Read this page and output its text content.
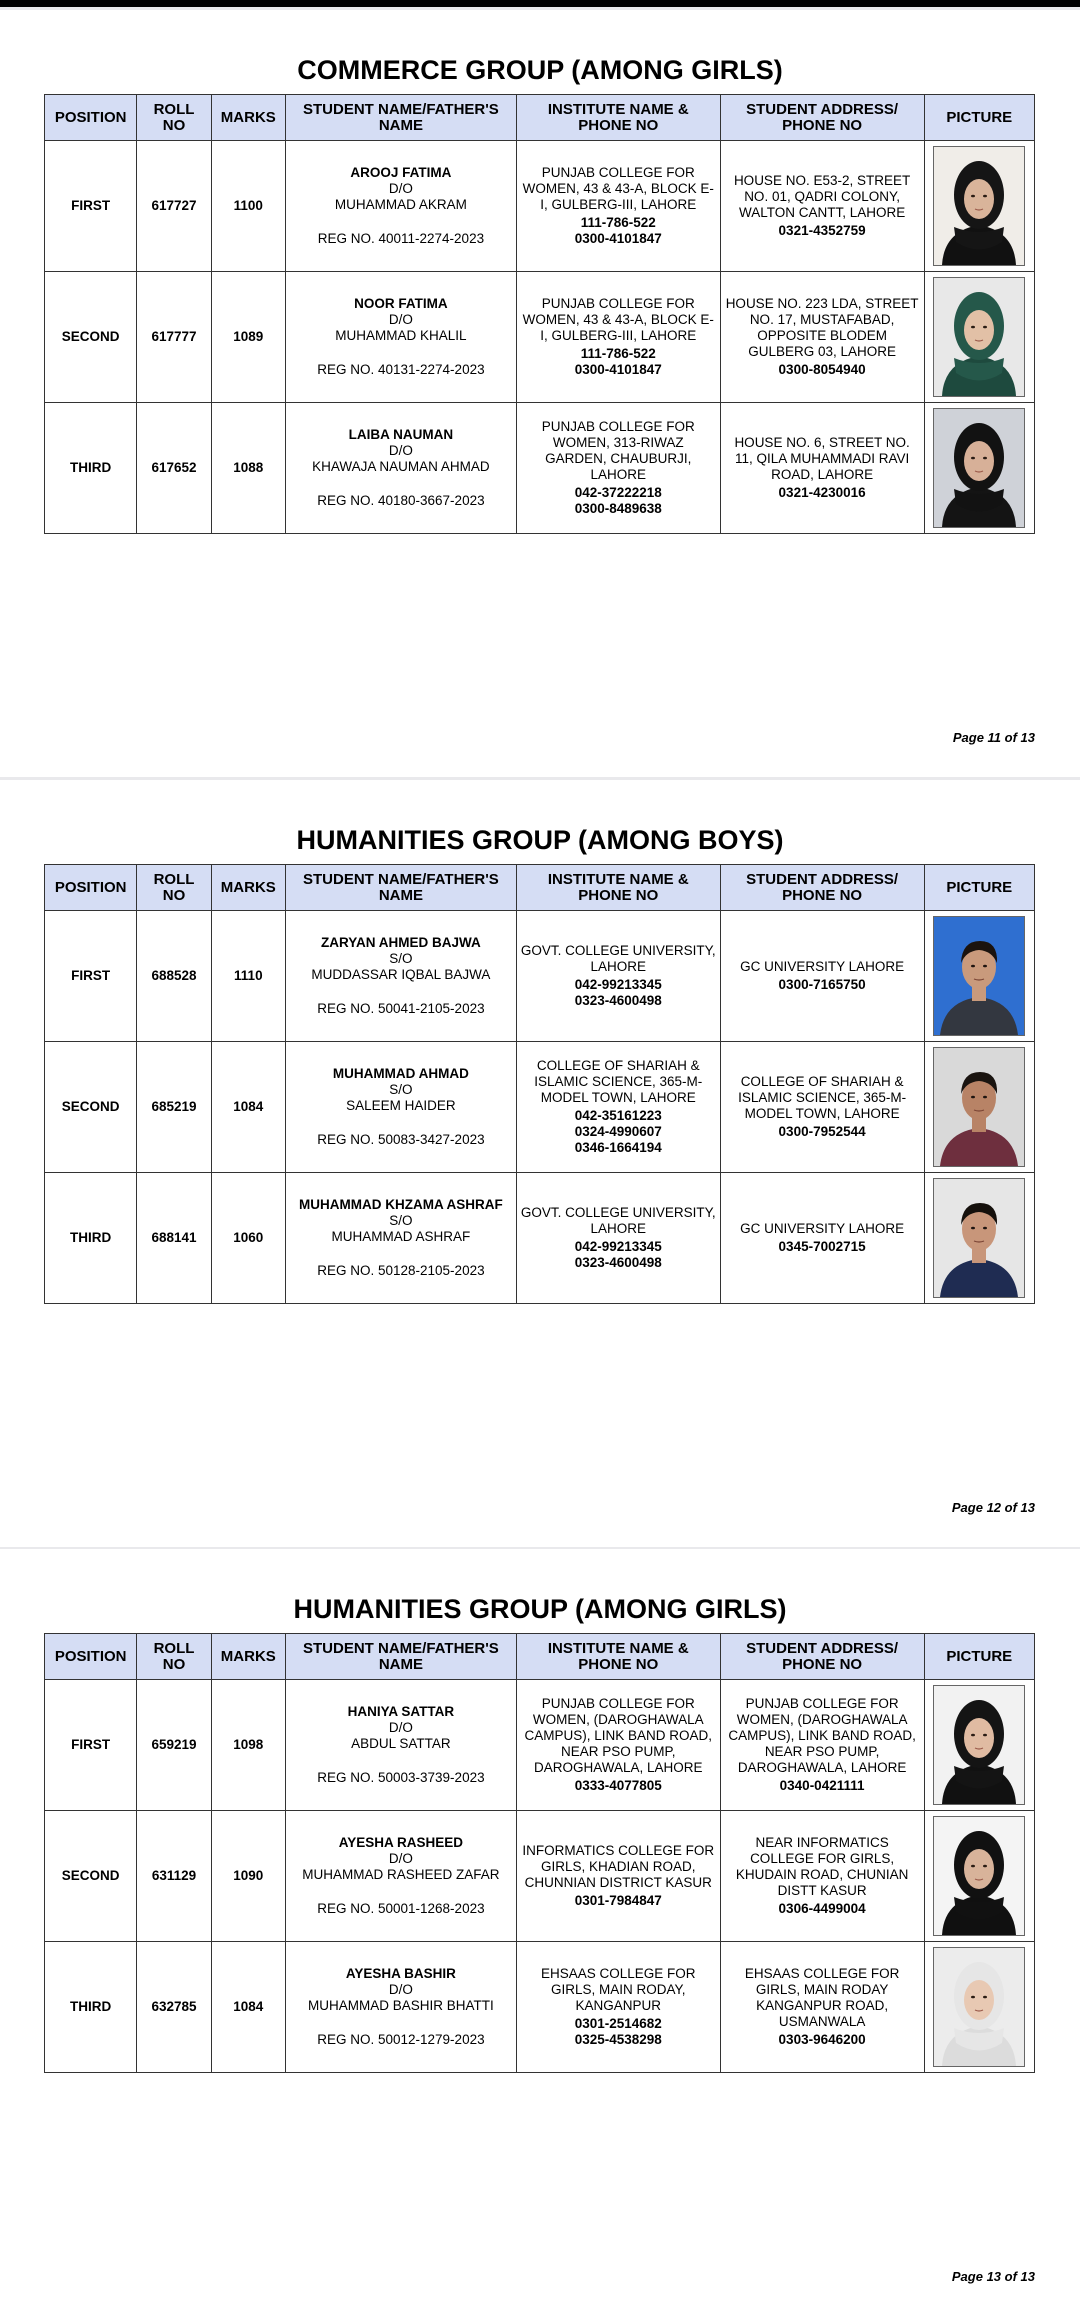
COMMERCE GROUP (AMONG GIRLS)
POSITION	ROLL NO	MARKS	STUDENT NAME/FATHER'S NAME	INSTITUTE NAME & PHONE NO	STUDENT ADDRESS/ PHONE NO	PICTURE
FIRST	617727	1100	AROOJ FATIMA
D/O
MUHAMMAD AKRAM
REG NO. 40011-2274-2023	PUNJAB COLLEGE FOR WOMEN, 43 & 43-A, BLOCK E-I, GULBERG-III, LAHORE
111-786-522
0300-4101847	HOUSE NO. E53-2, STREET NO. 01, QADRI COLONY, WALTON CANTT, LAHORE
0321-4352759

SECOND	617777	1089	NOOR FATIMA
D/O
MUHAMMAD KHALIL
REG NO. 40131-2274-2023	PUNJAB COLLEGE FOR WOMEN, 43 & 43-A, BLOCK E-I, GULBERG-III, LAHORE
111-786-522
0300-4101847	HOUSE NO. 223 LDA, STREET NO. 17, MUSTAFABAD, OPPOSITE BLODEM GULBERG 03, LAHORE
0300-8054940

THIRD	617652	1088	LAIBA NAUMAN
D/O
KHAWAJA NAUMAN AHMAD
REG NO. 40180-3667-2023	PUNJAB COLLEGE FOR WOMEN, 313-RIWAZ GARDEN, CHAUBURJI, LAHORE
042-37222218
0300-8489638	HOUSE NO. 6, STREET NO. 11, QILA MUHAMMADI RAVI ROAD, LAHORE
0321-4230016

Page 11 of 13
HUMANITIES GROUP (AMONG BOYS)
POSITION	ROLL NO	MARKS	STUDENT NAME/FATHER'S NAME	INSTITUTE NAME & PHONE NO	STUDENT ADDRESS/ PHONE NO	PICTURE
FIRST	688528	1110	ZARYAN AHMED BAJWA
S/O
MUDDASSAR IQBAL BAJWA
REG NO. 50041-2105-2023	GOVT. COLLEGE UNIVERSITY, LAHORE
042-99213345
0323-4600498	GC UNIVERSITY LAHORE
0300-7165750

SECOND	685219	1084	MUHAMMAD AHMAD
S/O
SALEEM HAIDER
REG NO. 50083-3427-2023	COLLEGE OF SHARIAH & ISLAMIC SCIENCE, 365-M-MODEL TOWN, LAHORE
042-35161223
0324-4990607
0346-1664194	COLLEGE OF SHARIAH & ISLAMIC SCIENCE, 365-M-MODEL TOWN, LAHORE
0300-7952544

THIRD	688141	1060	MUHAMMAD KHZAMA ASHRAF
S/O
MUHAMMAD ASHRAF
REG NO. 50128-2105-2023	GOVT. COLLEGE UNIVERSITY, LAHORE
042-99213345
0323-4600498	GC UNIVERSITY LAHORE
0345-7002715

Page 12 of 13
HUMANITIES GROUP (AMONG GIRLS)
POSITION	ROLL NO	MARKS	STUDENT NAME/FATHER'S NAME	INSTITUTE NAME & PHONE NO	STUDENT ADDRESS/ PHONE NO	PICTURE
FIRST	659219	1098	HANIYA SATTAR
D/O
ABDUL SATTAR
REG NO. 50003-3739-2023	PUNJAB COLLEGE FOR WOMEN, (DAROGHAWALA CAMPUS), LINK BAND ROAD, NEAR PSO PUMP, DAROGHAWALA, LAHORE
0333-4077805	PUNJAB COLLEGE FOR WOMEN, (DAROGHAWALA CAMPUS), LINK BAND ROAD, NEAR PSO PUMP, DAROGHAWALA, LAHORE
0340-0421111

SECOND	631129	1090	AYESHA RASHEED
D/O
MUHAMMAD RASHEED ZAFAR
REG NO. 50001-1268-2023	INFORMATICS COLLEGE FOR GIRLS, KHADIAN ROAD, CHUNNIAN DISTRICT KASUR
0301-7984847	NEAR INFORMATICS COLLEGE FOR GIRLS, KHUDAIN ROAD, CHUNIAN DISTT KASUR
0306-4499004

THIRD	632785	1084	AYESHA BASHIR
D/O
MUHAMMAD BASHIR BHATTI
REG NO. 50012-1279-2023	EHSAAS COLLEGE FOR GIRLS, MAIN RODAY, KANGANPUR
0301-2514682
0325-4538298	EHSAAS COLLEGE FOR GIRLS, MAIN RODAY KANGANPUR ROAD, USMANWALA
0303-9646200

Page 13 of 13
